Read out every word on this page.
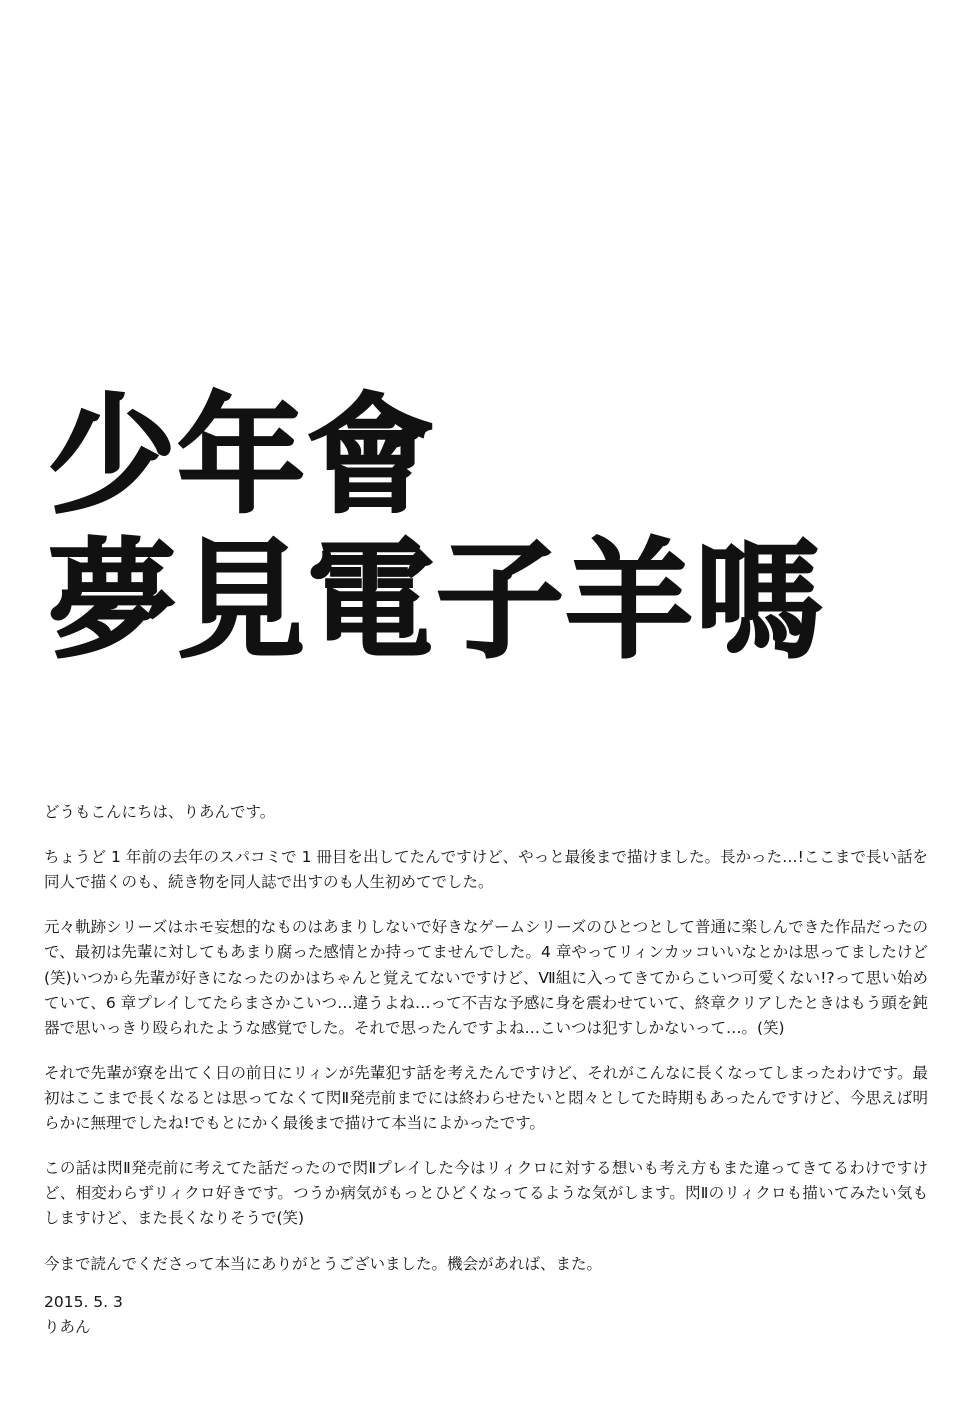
少年會
夢見電子羊嗎

どうもこんにちは、りあんです。

ちょうど 1 年前の去年のスパコミで 1 冊目を出してたんですけど、やっと最後まで描けました。長かった…!ここまで長い話を同人で描くのも、続き物を同人誌で出すのも人生初めてでした。

元々軌跡シリーズはホモ妄想的なものはあまりしないで好きなゲームシリーズのひとつとして普通に楽しんできた作品だったので、最初は先輩に対してもあまり腐った感情とか持ってませんでした。4 章やってリィンカッコいいなとかは思ってましたけど(笑)いつから先輩が好きになったのかはちゃんと覚えてないですけど、Ⅶ組に入ってきてからこいつ可愛くない!?って思い始めていて、6 章プレイしてたらまさかこいつ…違うよね…って不吉な予感に身を震わせていて、終章クリアしたときはもう頭を鈍器で思いっきり殴られたような感覚でした。それで思ったんですよね…こいつは犯すしかないって…。(笑)

それで先輩が寮を出てく日の前日にリィンが先輩犯す話を考えたんですけど、それがこんなに長くなってしまったわけです。最初はここまで長くなるとは思ってなくて閃Ⅱ発売前までには終わらせたいと悶々としてた時期もあったんですけど、今思えば明らかに無理でしたね!でもとにかく最後まで描けて本当によかったです。

この話は閃Ⅱ発売前に考えてた話だったので閃Ⅱプレイした今はリィクロに対する想いも考え方もまた違ってきてるわけですけど、相変わらずリィクロ好きです。つうか病気がもっとひどくなってるような気がします。閃Ⅱのリィクロも描いてみたい気もしますけど、また長くなりそうで(笑)

今まで読んでくださって本当にありがとうございました。機会があれば、また。

2015. 5. 3
りあん
